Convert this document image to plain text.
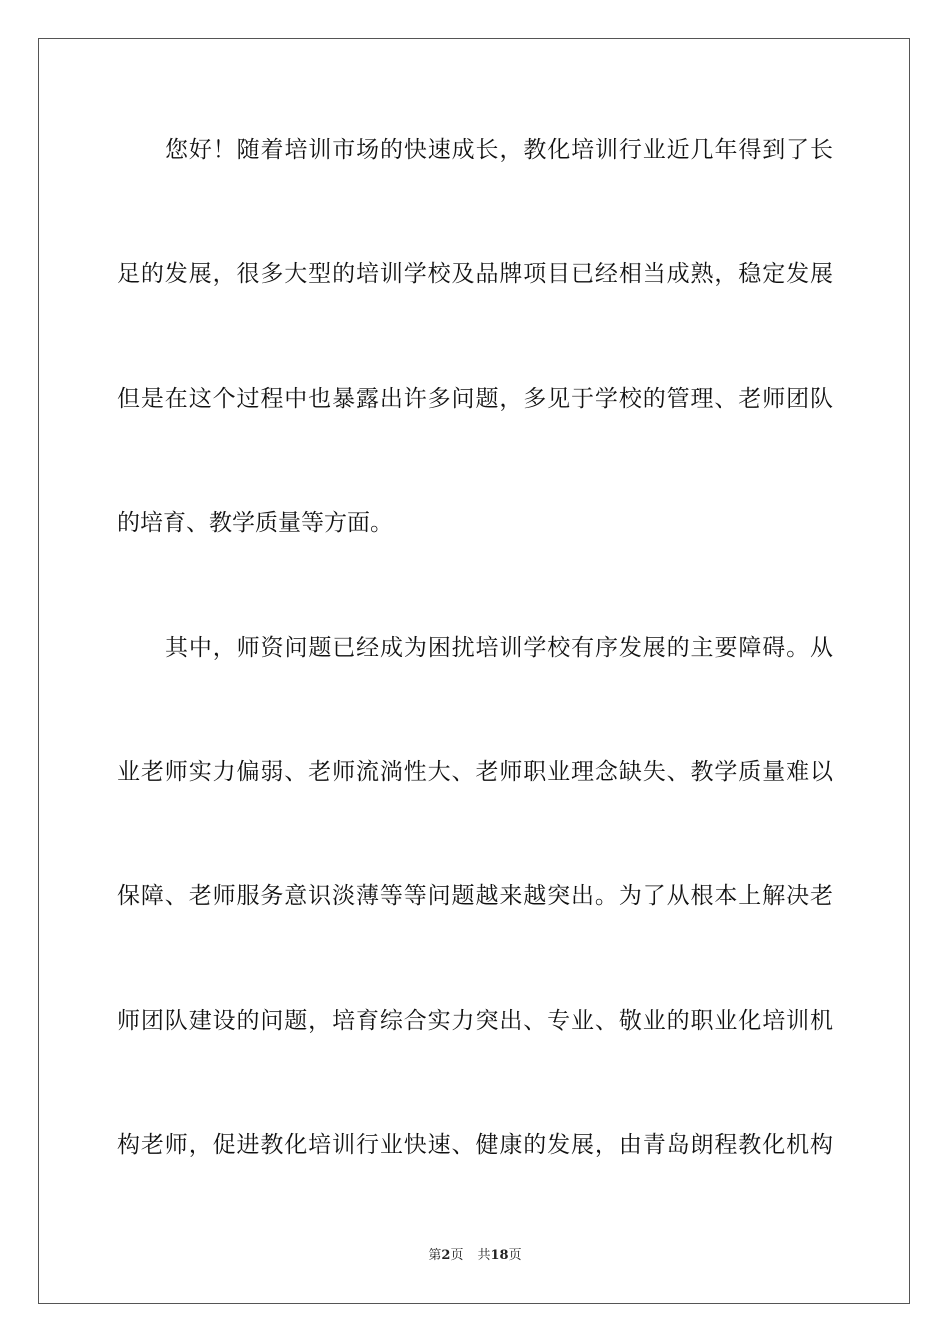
您好！随着培训市场的快速成长，教化培训行业近几年得到了长
足的发展，很多大型的培训学校及品牌项目已经相当成熟，稳定发展
但是在这个过程中也暴露出许多问题，多见于学校的管理、老师团队
的培育、教学质量等方面。
其中，师资问题已经成为困扰培训学校有序发展的主要障碍。从
业老师实力偏弱、老师流淌性大、老师职业理念缺失、教学质量难以
保障、老师服务意识淡薄等等问题越来越突出。为了从根本上解决老
师团队建设的问题，培育综合实力突出、专业、敬业的职业化培训机
构老师，促进教化培训行业快速、健康的发展，由青岛朗程教化机构
第2页 共18页
